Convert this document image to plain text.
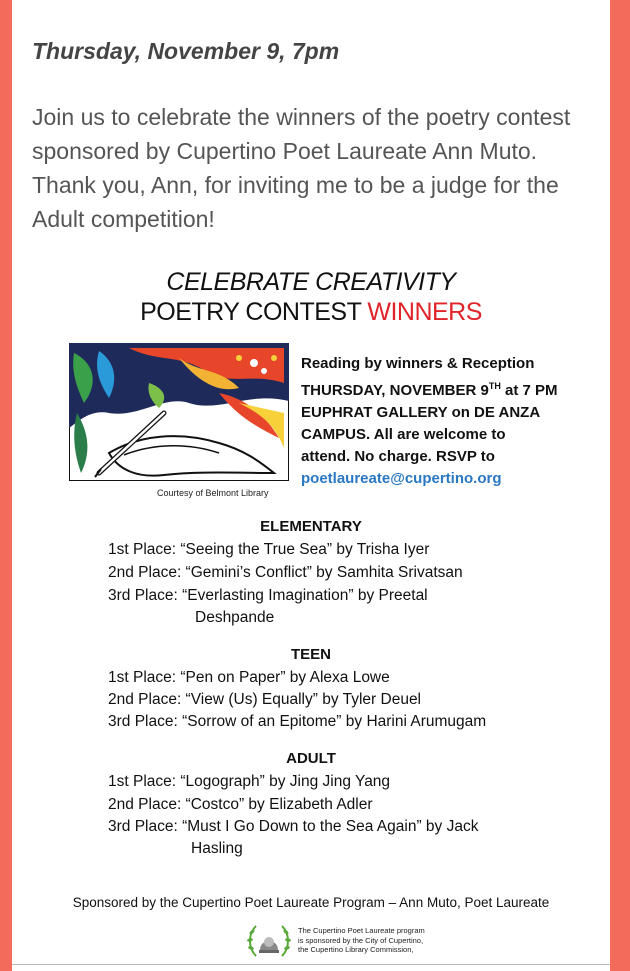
Thursday, November 9, 7pm
Join us to celebrate the winners of the poetry contest sponsored by Cupertino Poet Laureate Ann Muto. Thank you, Ann, for inviting me to be a judge for the Adult competition!
CELEBRATE CREATIVITY
POETRY CONTEST WINNERS
Courtesy of Belmont Library
Reading by winners & Reception
THURSDAY, NOVEMBER 9TH at 7 PM
EUPHRAT GALLERY on DE ANZA
CAMPUS. All are welcome to
attend. No charge. RSVP to
poetlaureate@cupertino.org
ELEMENTARY
1st Place: “Seeing the True Sea” by Trisha Iyer
2nd Place: “Gemini’s Conflict” by Samhita Srivatsan
3rd Place: “Everlasting Imagination” by Preetal
Deshpande
TEEN
1st Place: “Pen on Paper” by Alexa Lowe
2nd Place: “View (Us) Equally” by Tyler Deuel
3rd Place: “Sorrow of an Epitome” by Harini Arumugam
ADULT
1st Place: “Logograph” by Jing Jing Yang
2nd Place: “Costco” by Elizabeth Adler
3rd Place: “Must I Go Down to the Sea Again” by Jack
Hasling
Sponsored by the Cupertino Poet Laureate Program – Ann Muto, Poet Laureate
The Cupertino Poet Laureate program
is sponsored by the City of Cupertino,
the Cupertino Library Commission,
